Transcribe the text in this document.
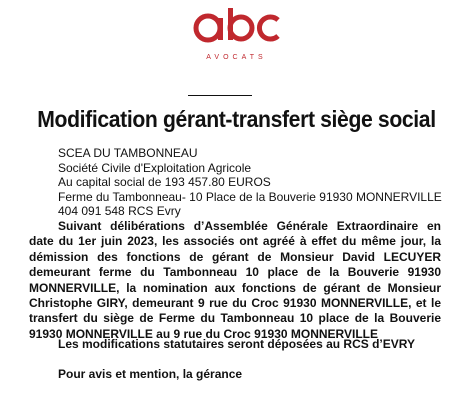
AVOCATS
Modification gérant-transfert siège social
SCEA DU TAMBONNEAU
Société Civile d'Exploitation Agricole
Au capital social de 193 457.80 EUROS
Ferme du Tambonneau- 10 Place de la Bouverie 91930 MONNERVILLE
404 091 548 RCS Evry
Suivant délibérations d’Assemblée Générale Extraordinaire en date du 1er juin 2023, les associés ont agréé à effet du même jour, la démission des fonctions de gérant de Monsieur David LECUYER demeurant ferme du Tambonneau 10 place de la Bouverie 91930 MONNERVILLE, la nomination aux fonctions de gérant de Monsieur Christophe GIRY, demeurant 9 rue du Croc 91930 MONNERVILLE, et le transfert du siège de Ferme du Tambonneau 10 place de la Bouverie 91930 MONNERVILLE au 9 rue du Croc 91930 MONNERVILLE
Les modifications statutaires seront déposées au RCS d’EVRY
Pour avis et mention, la gérance
